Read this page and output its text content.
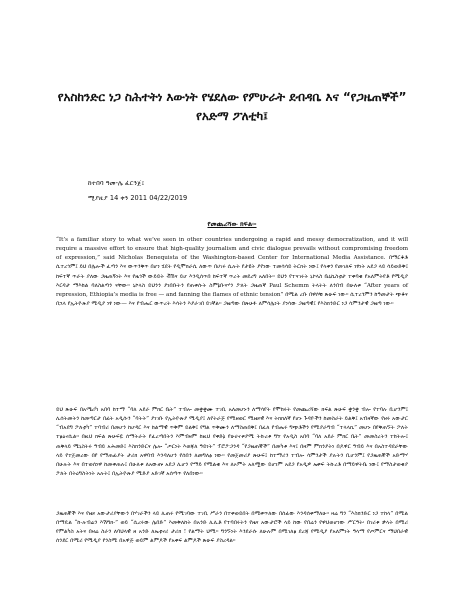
የአስከንድር ነጋ ስሕተትነ እውነት የሄደለው የምሁራት ደብዳቤ እና “የጋዜጠኞች” የአድማ ፖለቲካ፤
ከተበባ ዓመ-ሌ ፈርንጀ፤
ሚያዚያ 14 ቀን 2011 04/22/2019
የመጨረሻው ክፍል፡-

“It’s a familiar story to what we’ve seen in other countries undergoing a rapid and messy democratization, and it will require a massive effort to ensure that high-quality journalism and civic dialogue prevails without compromising freedom of expression,” said Nicholas Benequista of the Washington-based Center for International Media Assistance. በማርቆቶ ሲተረጎም፤ ይህ በሌሎች ፈጣን እና ውጥንቅጥ በሆነ ሂደት የዲሞክራሲ ለውጥ በሀገሩ ሲሉት የታዩት ያየነው ተመሳሳይ ትርክት ነው፤ የላቀን የመገለፍ ነፃነት አደጋ ላይ ሳይወድቅ፤ ከፍተኛ ጥራት ያለው ጋዜጠኝነት እና የዜጎች ውይይት ቭሽና ይሆ እንዲሰጥበ ከፍተኛ ጥረት መደረግ አለበት። ይህን የተናገሩት ኒኮላስ ቤኒኬስቲታ ተቀባቁ የአለምትየቶ የሚዲያ እርዳታ ማእከል ባለስልጣን ናቸው። ኒኮላስ ይህንን ያነበቡትን የጠቀሱት ስምኔቡናሃን ፖለት ጋዜጠኛ Paul Schemm ትላትት ለንበብ በሁለቱ “After years of repression, Ethiopia’s media is free — and fanning the flames of ethnic tension” በሚል ረቡ በዋሶቹ ጽሁፍ ነው። ሲተረጎምን ከዓመታት ጭቆና በኋላ የኢትዮጵያ ሚዲያ ነፃ ነው— እና የብሔር ውጥረት እሳትን እያራገበ ይገኛል። ጋዜጣው በጽሁፉ ለምሳሌነት ያነሳው ጋዜጣዊ፤ የእስክንድር ነጋ ሳምንታዊ ጋዜጣ ነው።

ይህ ጽሁፍ በአሜሪካ አበባ ከተማ “ባለ አደራ ምክር ቤት” ተብሎ መቋቋሙ ተገቢ አለመሆኑን ለማሳየት የሞከሩት የመጨረሻው ክፍል ጽሁፍ ቋንቋ ብሎ የተባሉ ቢሆንም፤ ሊሰትመትን ከመጣርታ በፊት አዲሱን “ባትት” ያነገቡ የኢትዮጵያ ሚዲያ፤ ለየትራጅ የሚዘወር ሚዜናዊ እና ትክክለኛ የሆኑ ጉዳዮችን ከመስራት ይልቅ፤ አብዛኛው የዘሩ አውታር “ብአደግ ፖለቲካ” ተባብሪ በመሆን ከሆዳር እና ከልማዊ ጥቅም ይልቅ፤ የግል ጥቅሙን ለማስጠበቅ፤ በፈለ የብሔሩ ግጭቶችን የሚያራግብ “ተላላኪ” መሆኑ በየቅጠኙት ፖለት ተፅዕኖሲል። በዚህ ክፍል ጽሁፍዬ ሰማትራት የፈረጣበትን እምብዛም ከዚህ የቀድኔ የሁሀኖቱያሚ ትኩረቱ ግኘ የአዲስ አበባ “ባለ አደራ ምክር ቤት” መመስረትን ተከትሎ፤ ጠቅላይ ሚኒስትሩ ዓብይ አሕመድ፤ እስክንድርና ሌሎ “ጦርነት እወጃለ ዓይነት” ፕሮፖጋንዳ “የጋዜጠኞች” በመካቱ እና፤ በዛም ምክንያትነ በዶዋር ዓብይ እና በአስተዳደራቸው ላይ የተጀመረው በየ የማጠፊያት ታሪክ አዋባብ እንዳለሆን የሰበን ለመግለፅ ነው። የመጀመሪያ ጽሁፍ፤ ከተማሪን ተብሎ ሳምንታች ያሉትን ቢሆንም፤ የጋዜጠኞች አድማሃ በሁሉት እና በተወሰነዋ ከመቀጠሉ፤ በሁለቱ ለአውጡ አደጋ ሊሆን የማይ የሚልቁ እና ለኦምት አለሟው ይሆነም አደጋ የአዲዎ ኤቀፍ ትኩረቶ በማይዋትቤ ነው፤ የማስታወቂያ ፖለት በትዕግስትነት አሉት፤ በኢትዮጵያ ሚድያ አድገኛ አሰጣጥ የለበነው።

ጋዜጠኞች እና የዜና አውታሪያቸውን በሃገራችን ላይ ሊጠሩ የሚገባው ተገቢ ሥራን በተቀወይበት በሚቀጥለው በሰፊው እንዳሰቀማለሁ። ዛሬ ግን “እስክንድር ነጋ ተከላ” በሚል በማዴል “ከ-ሉብሬን እሽግክ-” ወይ “ሲረሩው ሌበድ” እመቅለከት በአንድ ሊሊቶ የተባበሩትን የዜና አውታሮች ላይ ከው የበሬን የዋህወሆነው ሥርዓት፡ በገሪቱ ቃላት በሚሪ የምልካስ አትና በዛሬ ስራን ለባህላዊ ዘ አንድ ለኤቲኖሪ ታሪክ ፣ የልማት ህሚ። ግንኙነት እንደራሱ ለሁሉም በሚገለፅ ደረጃ የሚዲያ የአለምነት ዓላማ የጦምርና ማህበራዊ ሰንደር በሚሪ የሚዲያ የንስሚ በአዋጅ ወይም ልምዶች የአቀፍ ልምዶች ጽሁፍ ያስረዳል።
